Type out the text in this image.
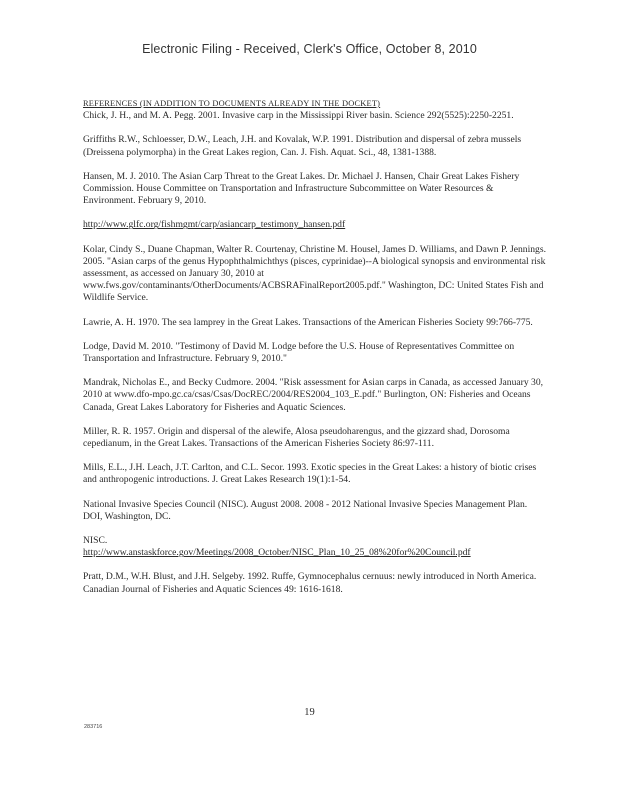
Electronic Filing - Received, Clerk's Office, October 8, 2010

REFERENCES (IN ADDITION TO DOCUMENTS ALREADY IN THE DOCKET)

Chick, J. H., and M. A. Pegg. 2001. Invasive carp in the Mississippi River basin. Science 292(5525):2250-2251.

Griffiths R.W., Schloesser, D.W., Leach, J.H. and Kovalak, W.P. 1991. Distribution and dispersal of zebra mussels (Dreissena polymorpha) in the Great Lakes region, Can. J. Fish. Aquat. Sci., 48, 1381-1388.

Hansen, M. J. 2010. The Asian Carp Threat to the Great Lakes. Dr. Michael J. Hansen, Chair Great Lakes Fishery Commission. House Committee on Transportation and Infrastructure Subcommittee on Water Resources & Environment. February 9, 2010.

http://www.glfc.org/fishmgmt/carp/asiancarp_testimony_hansen.pdf

Kolar, Cindy S., Duane Chapman, Walter R. Courtenay, Christine M. Housel, James D. Williams, and Dawn P. Jennings. 2005. "Asian carps of the genus Hypophthalmichthys (pisces, cyprinidae)--A biological synopsis and environmental risk assessment, as accessed on January 30, 2010 at www.fws.gov/contaminants/OtherDocuments/ACBSRAFinalReport2005.pdf." Washington, DC: United States Fish and Wildlife Service.

Lawrie, A. H. 1970. The sea lamprey in the Great Lakes. Transactions of the American Fisheries Society 99:766-775.

Lodge, David M. 2010. "Testimony of David M. Lodge before the U.S. House of Representatives Committee on Transportation and Infrastructure. February 9, 2010."

Mandrak, Nicholas E., and Becky Cudmore. 2004. "Risk assessment for Asian carps in Canada, as accessed January 30, 2010 at www.dfo-mpo.gc.ca/csas/Csas/DocREC/2004/RES2004_103_E.pdf." Burlington, ON: Fisheries and Oceans Canada, Great Lakes Laboratory for Fisheries and Aquatic Sciences.

Miller, R. R. 1957. Origin and dispersal of the alewife, Alosa pseudoharengus, and the gizzard shad, Dorosoma cepedianum, in the Great Lakes. Transactions of the American Fisheries Society 86:97-111.

Mills, E.L., J.H. Leach, J.T. Carlton, and C.L. Secor. 1993. Exotic species in the Great Lakes: a history of biotic crises and anthropogenic introductions. J. Great Lakes Research 19(1):1-54.

National Invasive Species Council (NISC). August 2008. 2008 - 2012 National Invasive Species Management Plan. DOI, Washington, DC.

NISC.

http://www.anstaskforce.gov/Meetings/2008_October/NISC_Plan_10_25_08%20for%20Council.pdf

Pratt, D.M., W.H. Blust, and J.H. Selgeby. 1992. Ruffe, Gymnocephalus cernuus: newly introduced in North America. Canadian Journal of Fisheries and Aquatic Sciences 49: 1616-1618.

19
283716
